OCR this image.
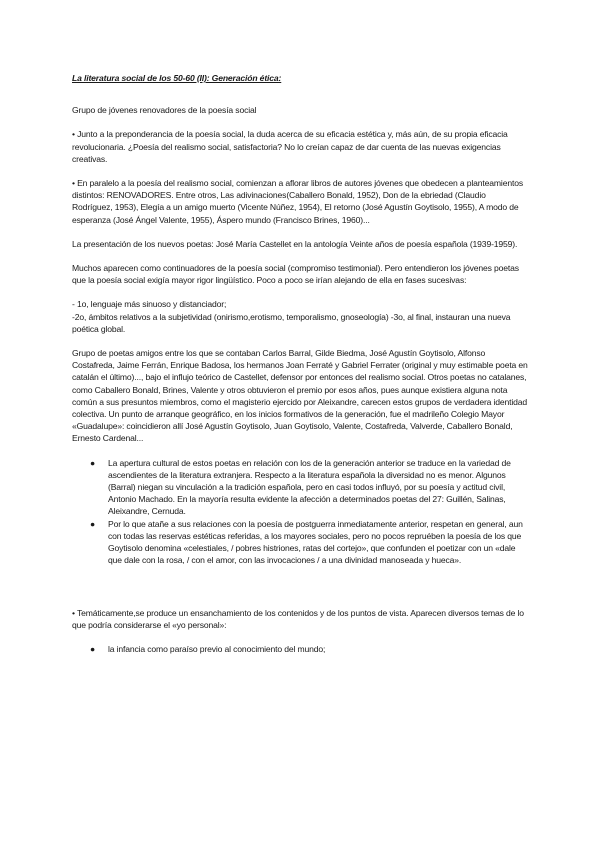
La literatura social de los 50-60 (II): Generación ética:

Grupo de jóvenes renovadores de la poesía social

• Junto a la preponderancia de la poesía social, la duda acerca de su eficacia estética y, más aún, de su propia eficacia revolucionaria. ¿Poesía del realismo social, satisfactoria? No lo creían capaz de dar cuenta de las nuevas exigencias creativas.

• En paralelo a la poesía del realismo social, comienzan a aflorar libros de autores jóvenes que obedecen a planteamientos distintos: RENOVADORES. Entre otros, Las adivinaciones(Caballero Bonald, 1952), Don de la ebriedad (Claudio Rodríguez, 1953), Elegía a un amigo muerto (Vicente Núñez, 1954), El retorno (José Agustín Goytisolo, 1955), A modo de esperanza (José Ángel Valente, 1955), Áspero mundo (Francisco Brines, 1960)...

La presentación de los nuevos poetas: José María Castellet en la antología Veinte años de poesía española (1939-1959).

Muchos aparecen como continuadores de la poesía social (compromiso testimonial). Pero entendieron los jóvenes poetas que la poesía social exigía mayor rigor lingüístico. Poco a poco se irían alejando de ella en fases sucesivas:

- 1o, lenguaje más sinuoso y distanciador;

-2o, ámbitos relativos a la subjetividad (onirismo,erotismo, temporalismo, gnoseología) -3o, al final, instauran una nueva poética global.

Grupo de poetas amigos entre los que se contaban Carlos Barral, Gilde Biedma, José Agustín Goytisolo, Alfonso Costafreda, Jaime Ferrán, Enrique Badosa, los hermanos Joan Ferraté y Gabriel Ferrater (original y muy estimable poeta en catalán el último)..., bajo el influjo teórico de Castellet, defensor por entonces del realismo social. Otros poetas no catalanes, como Caballero Bonald, Brines, Valente y otros obtuvieron el premio por esos años, pues aunque existiera alguna nota común a sus presuntos miembros, como el magisterio ejercido por Aleixandre, carecen estos grupos de verdadera identidad colectiva. Un punto de arranque geográfico, en los inicios formativos de la generación, fue el madrileño Colegio Mayor «Guadalupe»: coincidieron allí José Agustín Goytisolo, Juan Goytisolo, Valente, Costafreda, Valverde, Caballero Bonald, Ernesto Cardenal...

● La apertura cultural de estos poetas en relación con los de la generación anterior se traduce en la variedad de ascendientes de la literatura extranjera. Respecto a la literatura española la diversidad no es menor. Algunos (Barral) niegan su vinculación a la tradición española, pero en casi todos influyó, por su poesía y actitud civil, Antonio Machado. En la mayoría resulta evidente la afección a determinados poetas del 27: Guillén, Salinas, Aleixandre, Cernuda.
● Por lo que atañe a sus relaciones con la poesía de postguerra inmediatamente anterior, respetan en general, aun con todas las reservas estéticas referidas, a los mayores sociales, pero no pocos repruében la poesía de los que Goytisolo denomina «celestiales, / pobres histriones, ratas del cortejo», que confunden el poetizar con un «dale que dale con la rosa, / con el amor, con las invocaciones / a una divinidad manoseada y hueca».

• Temáticamente,se produce un ensanchamiento de los contenidos y de los puntos de vista. Aparecen diversos temas de lo que podría considerarse el «yo personal»:

● la infancia como paraíso previo al conocimiento del mundo;
